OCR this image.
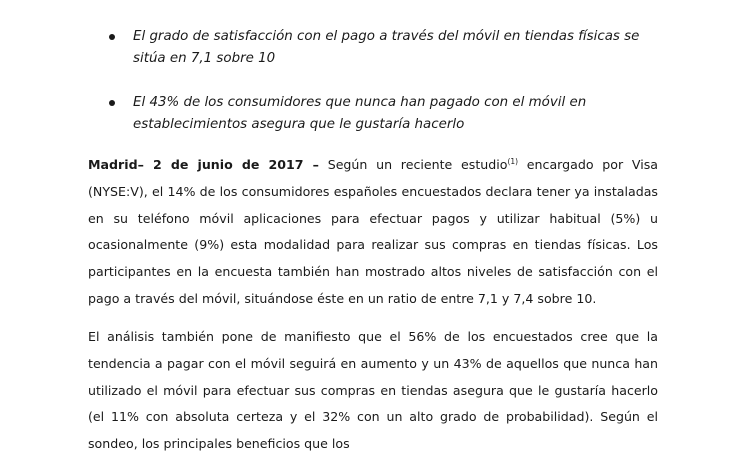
El grado de satisfacción con el pago a través del móvil en tiendas físicas se sitúa en 7,1 sobre 10
El 43% de los consumidores que nunca han pagado con el móvil en establecimientos asegura que le gustaría hacerlo

Madrid– 2 de junio de 2017 – Según un reciente estudio$^{(1)}$ encargado por Visa (NYSE:V), el 14% de los consumidores españoles encuestados declara tener ya instaladas en su teléfono móvil aplicaciones para efectuar pagos y utilizar habitual (5%) u ocasionalmente (9%) esta modalidad para realizar sus compras en tiendas físicas. Los participantes en la encuesta también han mostrado altos niveles de satisfacción con el pago a través del móvil, situándose éste en un ratio de entre 7,1 y 7,4 sobre 10.

El análisis también pone de manifiesto que el 56% de los encuestados cree que la tendencia a pagar con el móvil seguirá en aumento y un 43% de aquellos que nunca han utilizado el móvil para efectuar sus compras en tiendas asegura que le gustaría hacerlo (el 11% con absoluta certeza y el 32% con un alto grado de probabilidad). Según el sondeo, los principales beneficios que los
